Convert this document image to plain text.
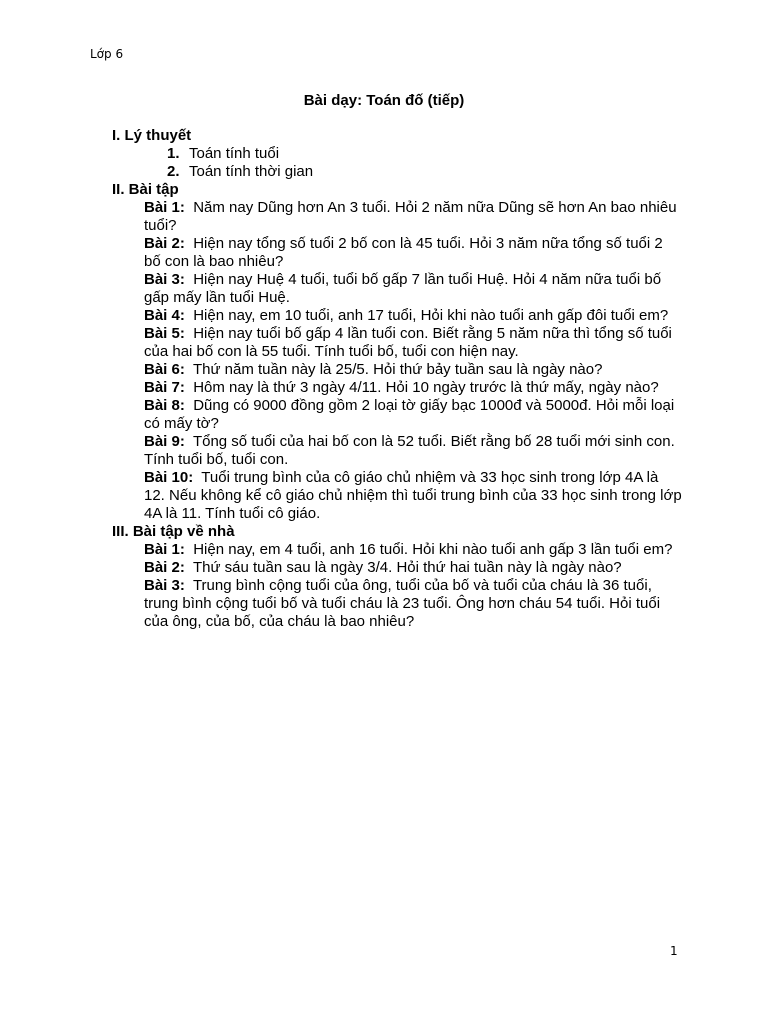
Lớp 6
Bài dạy: Toán đố (tiếp)
I. Lý thuyết
1. Toán tính tuổi
2. Toán tính thời gian
II. Bài tập
Bài 1: Năm nay Dũng hơn An 3 tuổi. Hỏi 2 năm nữa Dũng sẽ hơn An bao nhiêu tuổi?
Bài 2: Hiện nay tổng số tuổi 2 bố con là 45 tuổi. Hỏi 3 năm nữa tổng số tuổi 2 bố con là bao nhiêu?
Bài 3: Hiện nay Huệ 4 tuổi, tuổi bố gấp 7 lần tuổi Huệ. Hỏi 4 năm nữa tuổi bố gấp mấy lần tuổi Huệ.
Bài 4: Hiện nay, em 10 tuổi, anh 17 tuổi, Hỏi khi nào tuổi anh gấp đôi tuổi em?
Bài 5: Hiện nay tuổi bố gấp 4 lần tuổi con. Biết rằng 5 năm nữa thì tổng số tuổi của hai bố con là 55 tuổi. Tính tuổi bố, tuổi con hiện nay.
Bài 6: Thứ năm tuần này là 25/5. Hỏi thứ bảy tuần sau là ngày nào?
Bài 7: Hôm nay là thứ 3 ngày 4/11. Hỏi 10 ngày trước là thứ mấy, ngày nào?
Bài 8: Dũng có 9000 đồng gồm 2 loại tờ giấy bạc 1000đ và 5000đ. Hỏi mỗi loại có mấy tờ?
Bài 9: Tổng số tuổi của hai bố con là 52 tuổi. Biết rằng bố 28 tuổi mới sinh con. Tính tuổi bố, tuổi con.
Bài 10: Tuổi trung bình của cô giáo chủ nhiệm và 33 học sinh trong lớp 4A là 12. Nếu không kể cô giáo chủ nhiệm thì tuổi trung bình của 33 học sinh trong lớp 4A là 11. Tính tuổi cô giáo.
III. Bài tập về nhà
Bài 1: Hiện nay, em 4 tuổi, anh 16 tuổi. Hỏi khi nào tuổi anh gấp 3 lần tuổi em?
Bài 2: Thứ sáu tuần sau là ngày 3/4. Hỏi thứ hai tuần này là ngày nào?
Bài 3: Trung bình cộng tuổi của ông, tuổi của bố và tuổi của cháu là 36 tuổi, trung bình cộng tuổi bố và tuổi cháu là 23 tuổi. Ông hơn cháu 54 tuổi. Hỏi tuổi của ông, của bố, của cháu là bao nhiêu?
1
